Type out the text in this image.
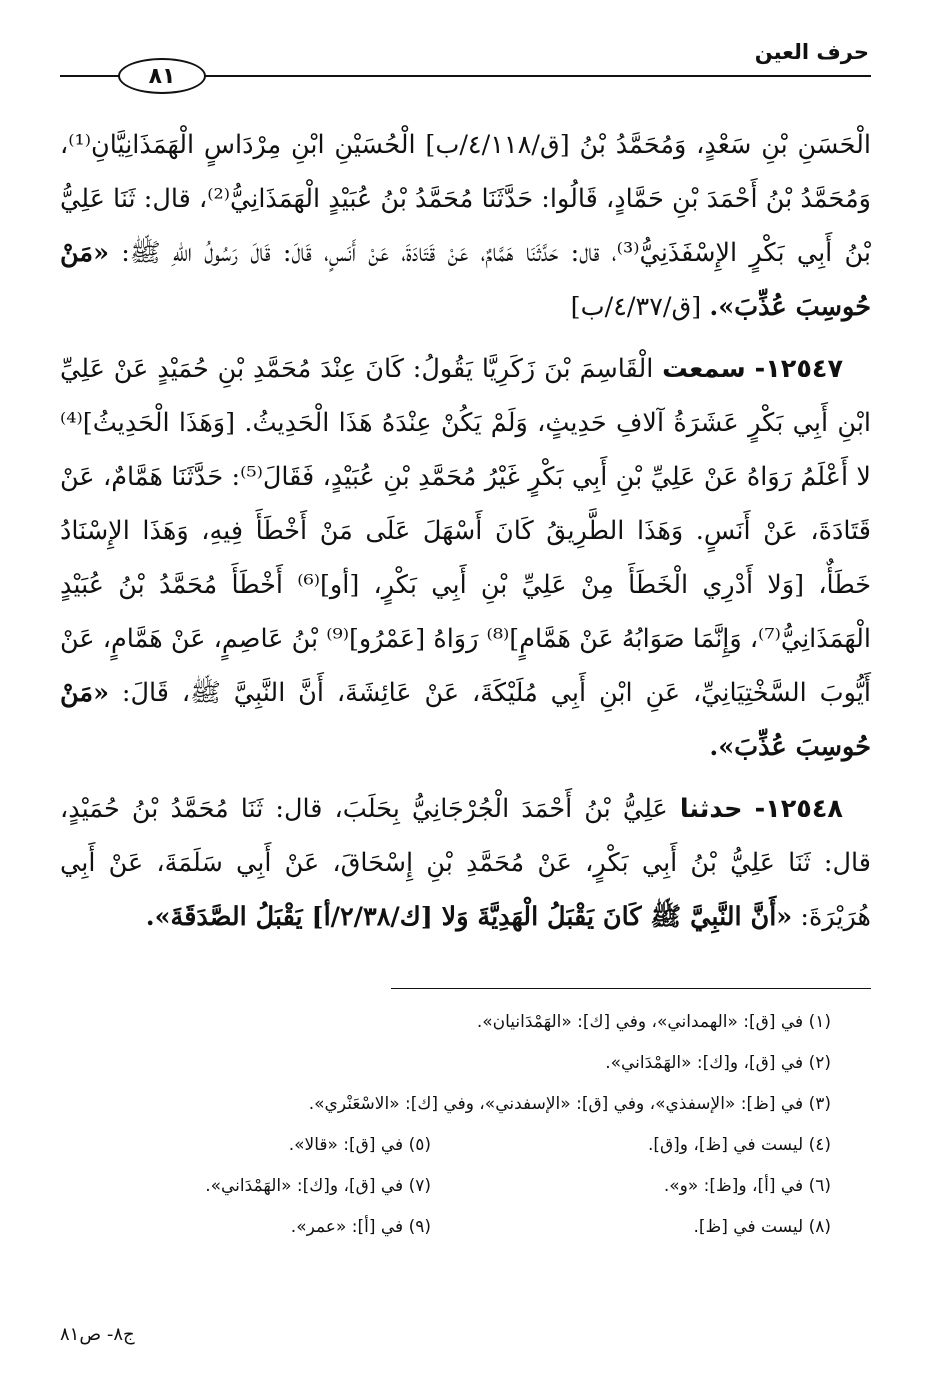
حرف العين
٨١

الْحَسَنِ بْنِ سَعْدٍ، وَمُحَمَّدُ بْنُ [ق/٤/١١٨/ب] الْحُسَيْنِ ابْنِ مِرْدَاسٍ الْهَمَذَانِيَّانِ⁽¹⁾، وَمُحَمَّدُ بْنُ أَحْمَدَ بْنِ حَمَّادٍ، قَالُوا: حَدَّثَنَا مُحَمَّدُ بْنُ عُبَيْدٍ الْهَمَذَانِيُّ⁽²⁾، قال: ثَنَا عَلِيُّ بْنُ أَبِي بَكْرٍ الإِسْفَذَنِيُّ⁽³⁾، قال: حَدَّثَنَا هَمَّامٌ، عَنْ قَتَادَةَ، عَنْ أَنَسٍ، قَالَ: قَالَ رَسُولُ اللهِ ﷺ: «مَنْ حُوسِبَ عُذِّبَ». [ق/٤/٣٧/ب]

١٢٥٤٧- سمعت الْقَاسِمَ بْنَ زَكَرِيَّا يَقُولُ: كَانَ عِنْدَ مُحَمَّدِ بْنِ حُمَيْدٍ عَنْ عَلِيِّ ابْنِ أَبِي بَكْرٍ عَشَرَةُ آلافِ حَدِيثٍ، وَلَمْ يَكُنْ عِنْدَهُ هَذَا الْحَدِيثُ. [وَهَذَا الْحَدِيثُ]⁽⁴⁾ لا أَعْلَمُ رَوَاهُ عَنْ عَلِيِّ بْنِ أَبِي بَكْرٍ غَيْرُ مُحَمَّدِ بْنِ عُبَيْدٍ، فَقَالَ⁽⁵⁾: حَدَّثَنَا هَمَّامٌ، عَنْ قَتَادَةَ، عَنْ أَنَسٍ. وَهَذَا الطَّرِيقُ كَانَ أَسْهَلَ عَلَى مَنْ أَخْطَأَ فِيهِ، وَهَذَا الإِسْنَادُ خَطَأٌ، [وَلا أَدْرِي الْخَطَأَ مِنْ عَلِيِّ بْنِ أَبِي بَكْرٍ، [أو]⁽⁶⁾ أَخْطَأَ مُحَمَّدُ بْنُ عُبَيْدٍ الْهَمَذَانِيُّ⁽⁷⁾، وَإِنَّمَا صَوَابُهُ عَنْ هَمَّامٍ]⁽⁸⁾ رَوَاهُ [عَمْرُو]⁽⁹⁾ بْنُ عَاصِمٍ، عَنْ هَمَّامٍ، عَنْ أَيُّوبَ السَّخْتِيَانِيِّ، عَنِ ابْنِ أَبِي مُلَيْكَةَ، عَنْ عَائِشَةَ، أَنَّ النَّبِيَّ ﷺ، قَالَ: «مَنْ حُوسِبَ عُذِّبَ».

١٢٥٤٨- حدثنا عَلِيُّ بْنُ أَحْمَدَ الْجُرْجَانِيُّ بِحَلَبَ، قال: ثَنَا مُحَمَّدُ بْنُ حُمَيْدٍ، قال: ثَنَا عَلِيُّ بْنُ أَبِي بَكْرٍ، عَنْ مُحَمَّدِ بْنِ إِسْحَاقَ، عَنْ أَبِي سَلَمَةَ، عَنْ أَبِي هُرَيْرَةَ: «أَنَّ النَّبِيَّ ﷺ كَانَ يَقْبَلُ الْهَدِيَّةَ وَلا [ك/٢/٣٨/أ] يَقْبَلُ الصَّدَقَةَ».

(١) في [ق]: «الهمداني»، وفي [ك]: «الهَمْدَانيان».
(٢) في [ق]، و[ك]: «الهَمْدَاني».
(٣) في [ظ]: «الإسفذي»، وفي [ق]: «الإسفدني»، وفي [ك]: «الاسْعَنْري».
(٤) ليست في [ظ]، و[ق].
(٥) في [ق]: «قالا».
(٦) في [أ]، و[ظ]: «و».
(٧) في [ق]، و[ك]: «الهَمْدَاني».
(٨) ليست في [ظ].
(٩) في [أ]: «عمر».
ج٨- ص٨١
